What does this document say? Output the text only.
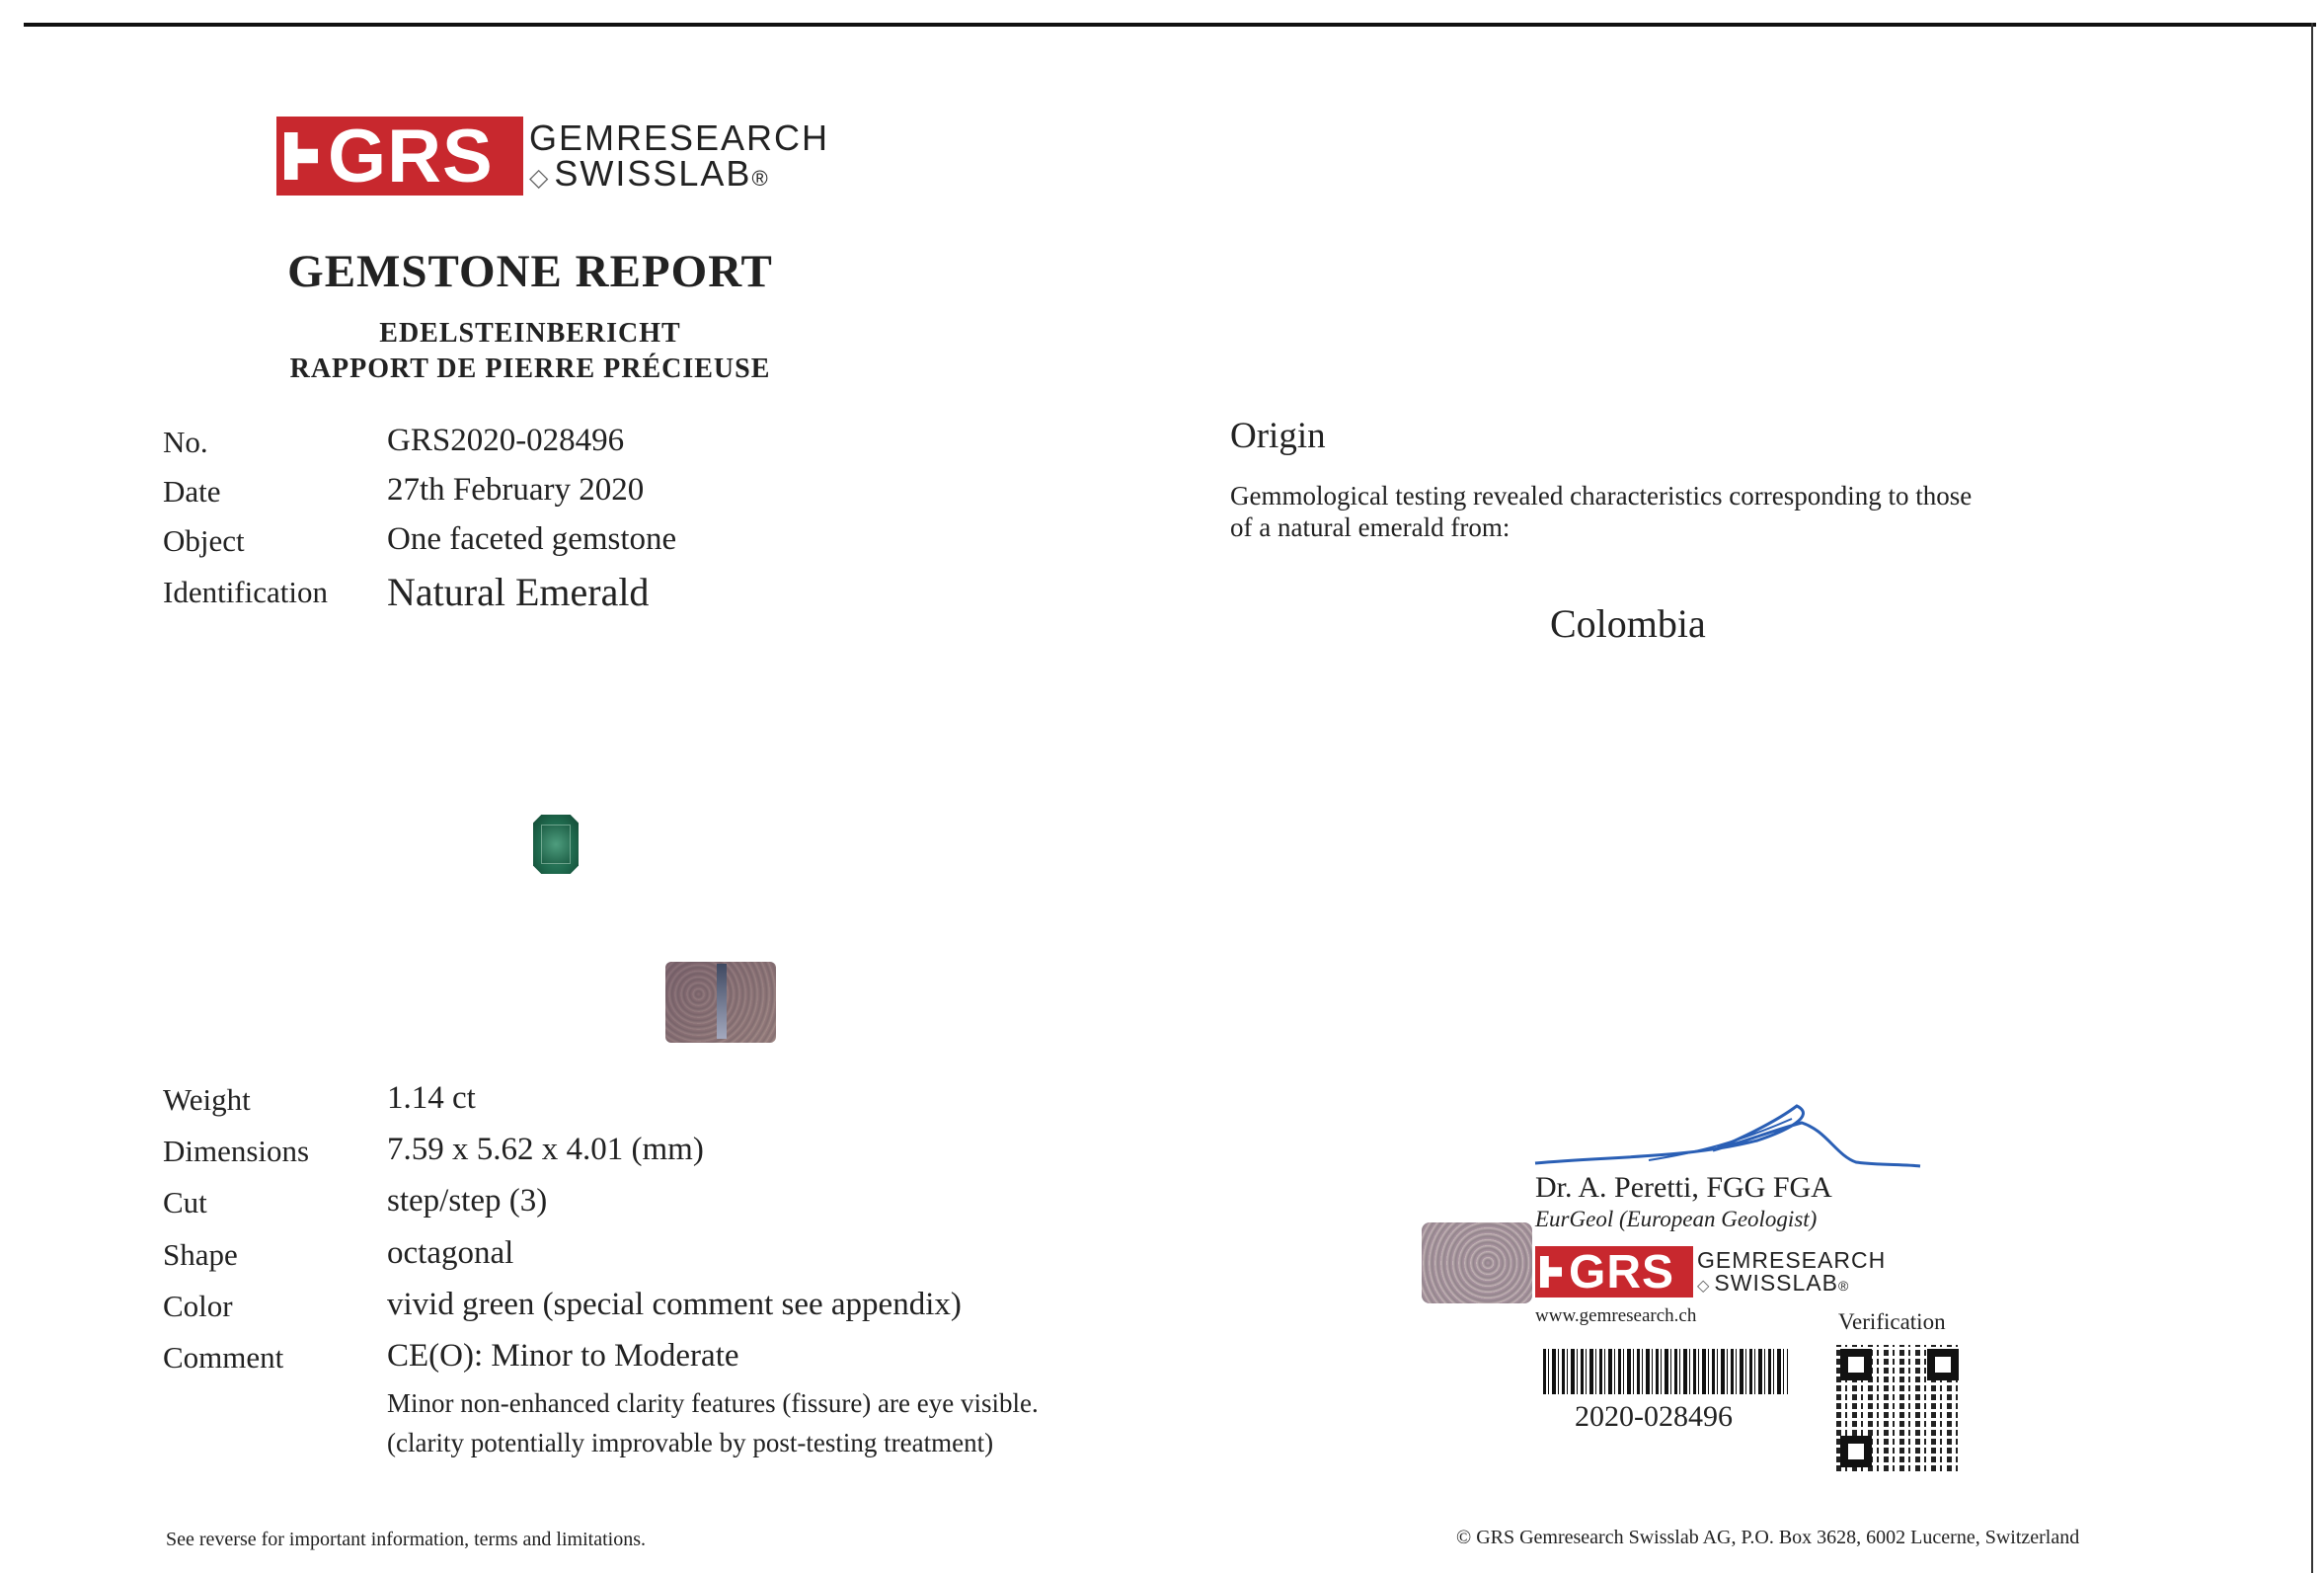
GRS GEMRESEARCH
◇ SWISSLAB®
GEMSTONE REPORT
EDELSTEINBERICHT
RAPPORT DE PIERRE PRÉCIEUSE
No.	GRS2020-028496
Date	27th February 2020
Object	One faceted gemstone
Identification Natural Emerald
Weight	1.14 ct
Dimensions 7.59 x 5.62 x 4.01 (mm)
Cut	step/step (3)
Shape	octagonal
Color	vivid green (special comment see appendix)
Comment	CE(O): Minor to Moderate
Minor non-enhanced clarity features (fissure) are eye visible.
(clarity potentially improvable by post-testing treatment)
Origin
Gemmological testing revealed characteristics corresponding to those
of a natural emerald from:
Colombia
Dr. A. Peretti, FGG FGA
EurGeol (European Geologist)
GRS GEMRESEARCH
◇ SWISSLAB®
www.gemresearch.ch
2020-028496
Verification
See reverse for important information, terms and limitations.	© GRS Gemresearch Swisslab AG, P.O. Box 3628, 6002 Lucerne, Switzerland
